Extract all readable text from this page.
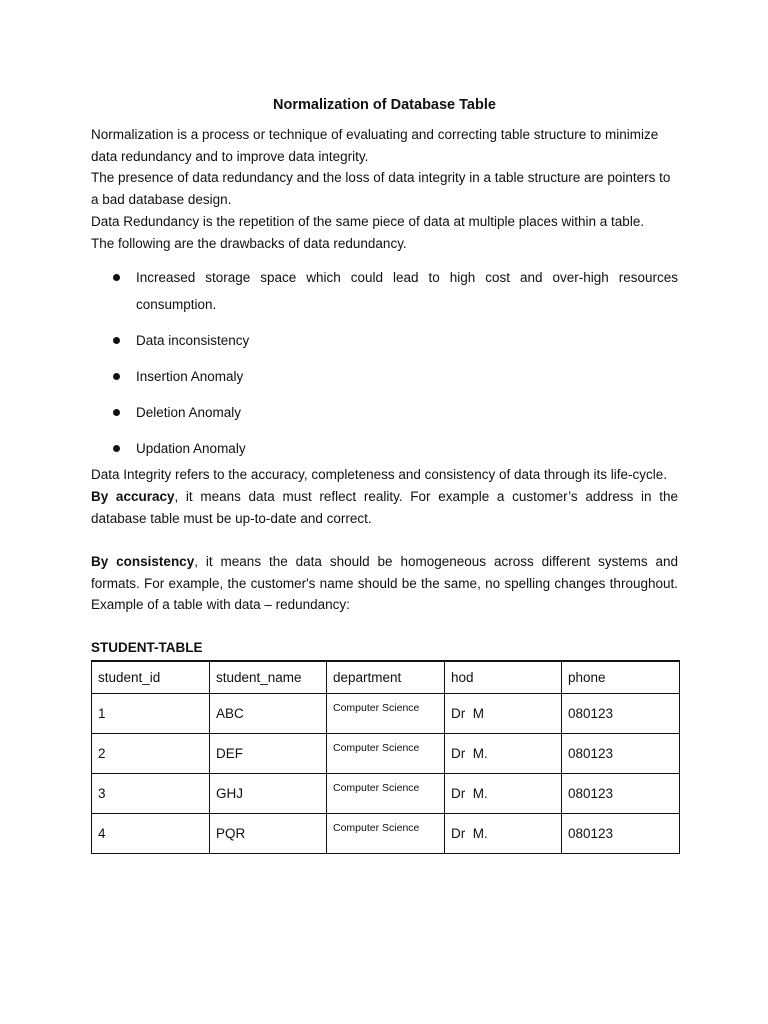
Normalization of Database Table

Normalization is a process or technique of evaluating and correcting table structure to minimize data redundancy and to improve data integrity.

The presence of data redundancy and the loss of data integrity in a table structure are pointers to a bad database design.

Data Redundancy is the repetition of the same piece of data at multiple places within a table.

The following are the drawbacks of data redundancy.

Increased storage space which could lead to high cost and over-high resources consumption.
Data inconsistency
Insertion Anomaly
Deletion Anomaly
Updation Anomaly

Data Integrity refers to the accuracy, completeness and consistency of data through its life-cycle.

By accuracy, it means data must reflect reality. For example a customer’s address in the database table must be up-to-date and correct.

By consistency, it means the data should be homogeneous across different systems and formats. For example, the customer's name should be the same, no spelling changes throughout.    Example of a table with data – redundancy:

STUDENT-TABLE
student_id	student_name	department	hod	phone
1	ABC	Computer Science	Dr  M	080123
2	DEF	Computer Science	Dr  M.	080123
3	GHJ	Computer Science	Dr  M.	080123
4	PQR	Computer Science	Dr  M.	080123
